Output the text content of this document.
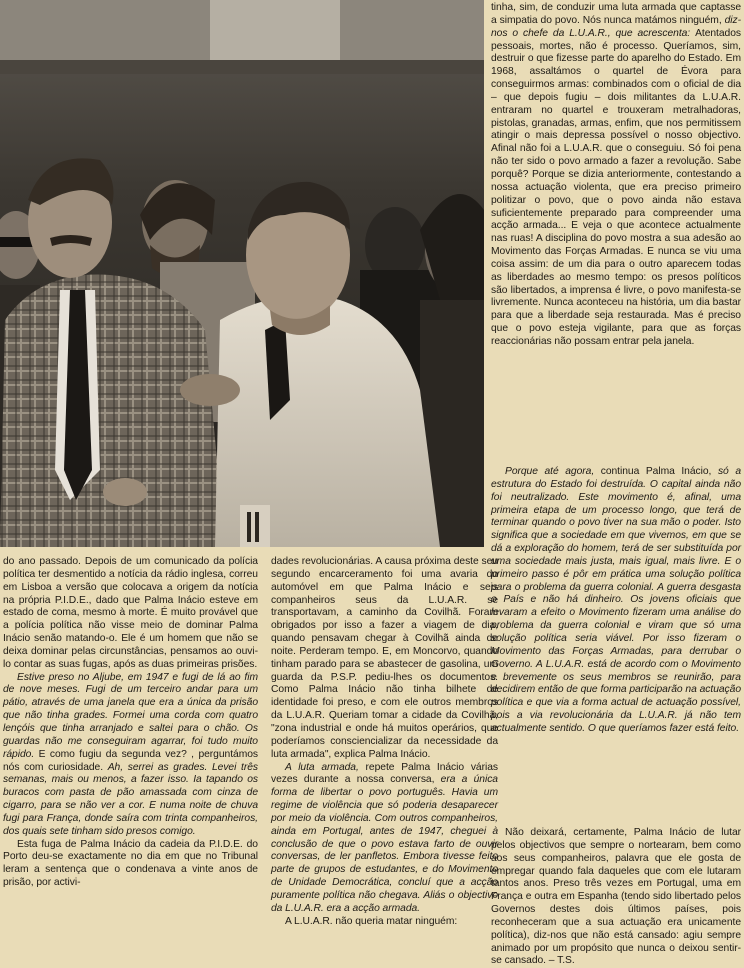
do ano passado. Depois de um comunicado da polícia política ter desmentido a notícia da rádio inglesa, correu em Lisboa a versão que colocava a origem da notícia na própria P.I.D.E., dado que Palma Inácio esteve em estado de coma, mesmo à morte. É muito provável que a polícia política não visse meio de dominar Palma Inácio senão matando-o. Ele é um homem que não se deixa dominar pelas circunstâncias, pensamos ao ouvi-lo contar as suas fugas, após as duas primeiras prisões.

Estive preso no Aljube, em 1947 e fugi de lá ao fim de nove meses. Fugi de um terceiro andar para um pátio, através de uma janela que era a única da prisão que não tinha grades. Formei uma corda com quatro lençóis que tinha arranjado e saltei para o chão. Os guardas não me conseguiram agarrar, foi tudo muito rápido. E como fugiu da segunda vez? , perguntámos nós com curiosidade. Ah, serrei as grades. Levei três semanas, mais ou menos, a fazer isso. Ia tapando os buracos com pasta de pão amassada com cinza de cigarro, para se não ver a cor. E numa noite de chuva fugi para França, donde saíra com trinta companheiros, dos quais sete tinham sido presos comigo.

Esta fuga de Palma Inácio da cadeia da P.I.D.E. do Porto deu-se exactamente no dia em que no Tribunal leram a sentença que o condenava a vinte anos de prisão, por activi-

dades revolucionárias. A causa próxima deste seu segundo encarceramento foi uma avaria do automóvel em que Palma Inácio e seis companheiros seus da L.U.A.R. se transportavam, a caminho da Covilhã. Foram obrigados por isso a fazer a viagem de dia, quando pensavam chegar à Covilhã ainda de noite. Perderam tempo. E, em Moncorvo, quando tinham parado para se abastecer de gasolina, um guarda da P.S.P. pediu-lhes os documentos. Como Palma Inácio não tinha bilhete de identidade foi preso, e com ele outros membros da L.U.A.R. Queriam tomar a cidade da Covilhã, "zona industrial e onde há muitos operários, que poderíamos consciencializar da necessidade da luta armada", explica Palma Inácio.

A luta armada, repete Palma Inácio várias vezes durante a nossa conversa, era a única forma de libertar o povo português. Havia um regime de violência que só poderia desaparecer por meio da violência. Com outros companheiros, ainda em Portugal, antes de 1947, cheguei à conclusão de que o povo estava farto de ouvir conversas, de ler panfletos. Embora tivesse feito parte de grupos de estudantes, e do Movimento de Unidade Democrática, concluí que a acção puramente política não chegava. Aliás o objectivo da L.U.A.R. era a acção armada.

A L.U.A.R. não queria matar ninguém:

tinha, sim, de conduzir uma luta armada que captasse a simpatia do povo. Nós nunca matámos ninguém, diz-nos o chefe da L.U.A.R., que acrescenta: Atentados pessoais, mortes, não é processo. Queríamos, sim, destruir o que fizesse parte do aparelho do Estado. Em 1968, assaltámos o quartel de Évora para conseguirmos armas: combinados com o oficial de dia – que depois fugiu – dois militantes da L.U.A.R. entraram no quartel e trouxeram metralhadoras, pistolas, granadas, armas, enfim, que nos permitissem atingir o mais depressa possível o nosso objectivo. Afinal não foi a L.U.A.R. que o conseguiu. Só foi pena não ter sido o povo armado a fazer a revolução. Sabe porquê? Porque se dizia anteriormente, contestando a nossa actuação violenta, que era preciso primeiro politizar o povo, que o povo ainda não estava suficientemente preparado para compreender uma acção armada... E veja o que acontece actualmente nas ruas! A disciplina do povo mostra a sua adesão ao Movimento das Forças Armadas. E nunca se viu uma coisa assim: de um dia para o outro aparecem todas as liberdades ao mesmo tempo: os presos políticos são libertados, a imprensa é livre, o povo manifesta-se livremente. Nunca aconteceu na história, um dia bastar para que a liberdade seja restaurada. Mas é preciso que o povo esteja vigilante, para que as forças reaccionárias não possam entrar pela janela.

Porque até agora, continua Palma Inácio, só a estrutura do Estado foi destruída. O capital ainda não foi neutralizado. Este movimento é, afinal, uma primeira etapa de um processo longo, que terá de terminar quando o povo tiver na sua mão o poder. Isto significa que a sociedade em que vivemos, em que se dá a exploração do homem, terá de ser substituída por uma sociedade mais justa, mais igual, mais livre. E o primeiro passo é pôr em prática uma solução política para o problema da guerra colonial. A guerra desgasta o País e não há dinheiro. Os jovens oficiais que levaram a efeito o Movimento fizeram uma análise do problema da guerra colonial e viram que só uma solução política seria viável. Por isso fizeram o Movimento das Forças Armadas, para derrubar o Governo. A L.U.A.R. está de acordo com o Movimento e brevemente os seus membros se reunirão, para decidirem então de que forma participarão na actuação política e que via a forma actual de actuação possível, pois a via revolucionária da L.U.A.R. já não tem actualmente sentido. O que queríamos fazer está feito.

Não deixará, certamente, Palma Inácio de lutar pelos objectivos que sempre o nortearam, bem como aos seus companheiros, palavra que ele gosta de empregar quando fala daqueles que com ele lutaram tantos anos. Preso três vezes em Portugal, uma em França e outra em Espanha (tendo sido libertado pelos Governos destes dois últimos países, pois reconheceram que a sua actuação era unicamente política), diz-nos que não está cansado: agiu sempre animado por um propósito que nunca o deixou sentir-se cansado. – T.S.
